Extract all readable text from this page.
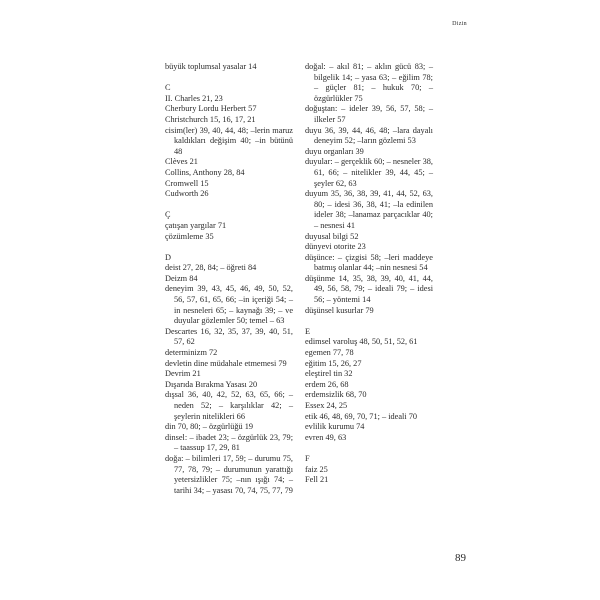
Dizin
büyük toplumsal yasalar 14
C
II. Charles 21, 23
Cherbury Lordu Herbert 57
Christchurch 15, 16, 17, 21
cisim(ler) 39, 40, 44, 48; –lerin maruz kaldıkları değişim 40; –in bütünü 48
Clèves 21
Collins, Anthony 28, 84
Cromwell 15
Cudworth 26
Ç
çatışan yargılar 71
çözümleme 35
D
deist 27, 28, 84; – öğreti 84
Deizm 84
deneyim 39, 43, 45, 46, 49, 50, 52, 56, 57, 61, 65, 66; –in içeriği 54; –in nesneleri 65; – kaynağı 39; – ve duyular gözlemler 50; temel – 63
Descartes 16, 32, 35, 37, 39, 40, 51, 57, 62
determinizm 72
devletin dine müdahale etmemesi 79
Devrim 21
Dışarıda Bırakma Yasası 20
dışsal 36, 40, 42, 52, 63, 65, 66; – neden 52; – karşılıklar 42; – şeylerin nitelikleri 66
din 70, 80; – özgürlüğü 19
dinsel: – ibadet 23; – özgürlük 23, 79; – taassup 17, 29, 81
doğa: – bilimleri 17, 59; – durumu 75, 77, 78, 79; – durumunun yarattığı yetersizlikler 75; –nın ışığı 74; – tarihi 34; – yasası 70, 74, 75, 77, 79
doğal: – akıl 81; – aklın gücü 83; – bilgelik 14; – yasa 63; – eğilim 78; – güçler 81; – hukuk 70; – özgürlükler 75
doğuştan: – ideler 39, 56, 57, 58; – ilkeler 57
duyu 36, 39, 44, 46, 48; –lara dayalı deneyim 52; –ların gözlemi 53
duyu organları 39
duyular: – gerçeklik 60; – nesneler 38, 61, 66; – nitelikler 39, 44, 45; – şeyler 62, 63
duyum 35, 36, 38, 39, 41, 44, 52, 63, 80; – idesi 36, 38, 41; –la edinilen ideler 38; –lanamaz parçacıklar 40; – nesnesi 41
duyusal bilgi 52
dünyevi otorite 23
düşünce: – çizgisi 58; –leri maddeye batmış olanlar 44; –nin nesnesi 54
düşünme 14, 35, 38, 39, 40, 41, 44, 49, 56, 58, 79; – ideali 79; – idesi 56; – yöntemi 14
düşünsel kusurlar 79
E
edimsel varoluş 48, 50, 51, 52, 61
egemen 77, 78
eğitim 15, 26, 27
eleştirel tin 32
erdem 26, 68
erdemsizlik 68, 70
Essex 24, 25
etik 46, 48, 69, 70, 71; – ideali 70
evlilik kurumu 74
evren 49, 63
F
faiz 25
Fell 21
89
